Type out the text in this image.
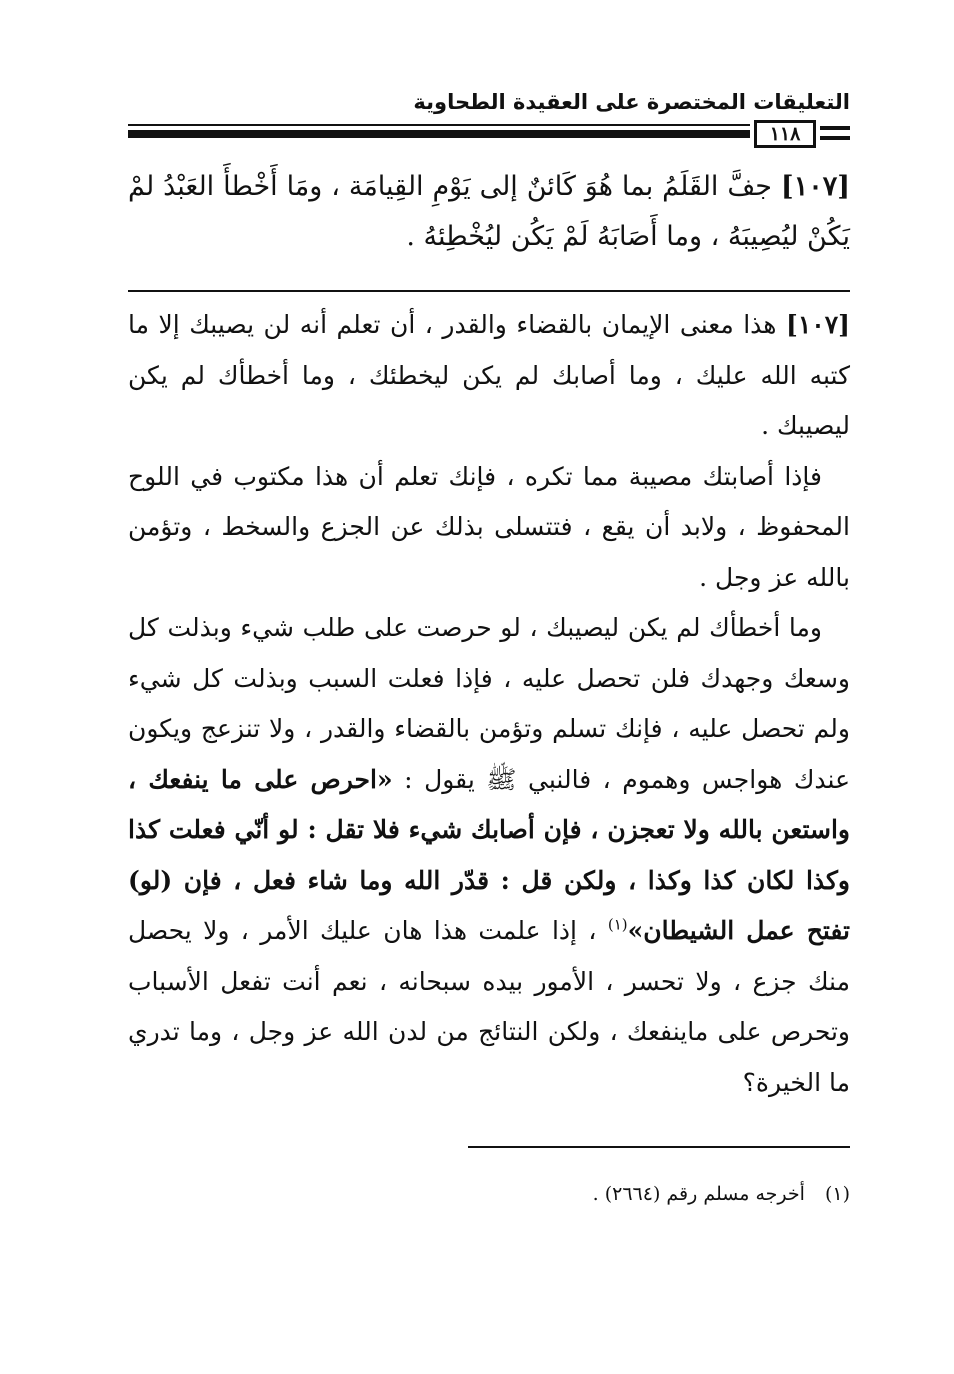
التعليقات المختصرة على العقيدة الطحاوية
١١٨
[١٠٧] جفَّ القَلَمُ بما هُوَ كَائنٌ إلى يَوْمِ القِيامَة ، ومَا أَخْطأَ العَبْدُ لمْ يَكُنْ ليُصِيبَهُ ، وما أَصَابَهُ لَمْ يَكُن ليُخْطِئهُ .

[١٠٧] هذا معنى الإيمان بالقضاء والقدر ، أن تعلم أنه لن يصيبك إلا ما كتبه الله عليك ، وما أصابك لم يكن ليخطئك ، وما أخطأك لم يكن ليصيبك .

فإذا أصابتك مصيبة مما تكره ، فإنك تعلم أن هذا مكتوب في اللوح المحفوظ ، ولابد أن يقع ، فتتسلى بذلك عن الجزع والسخط ، وتؤمن بالله عز وجل .

وما أخطأك لم يكن ليصيبك ، لو حرصت على طلب شيء وبذلت كل وسعك وجهدك فلن تحصل عليه ، فإذا فعلت السبب وبذلت كل شيء ولم تحصل عليه ، فإنك تسلم وتؤمن بالقضاء والقدر ، ولا تنزعج ويكون عندك هواجس وهموم ، فالنبي ﷺ يقول : «احرص على ما ينفعك ، واستعن بالله ولا تعجزن ، فإن أصابك شيء فلا تقل : لو أنّي فعلت كذا وكذا لكان كذا وكذا ، ولكن قل : قدّر الله وما شاء فعل ، فإن (لو) تفتح عمل الشيطان»$^{(١)}$ ، إذا علمت هذا هان عليك الأمر ، ولا يحصل منك جزع ، ولا تحسر ، الأمور بيده سبحانه ، نعم أنت تفعل الأسباب وتحرص على ماينفعك ، ولكن النتائج من لدن الله عز وجل ، وما تدري ما الخيرة؟

(١) أخرجه مسلم رقم (٢٦٦٤) .
